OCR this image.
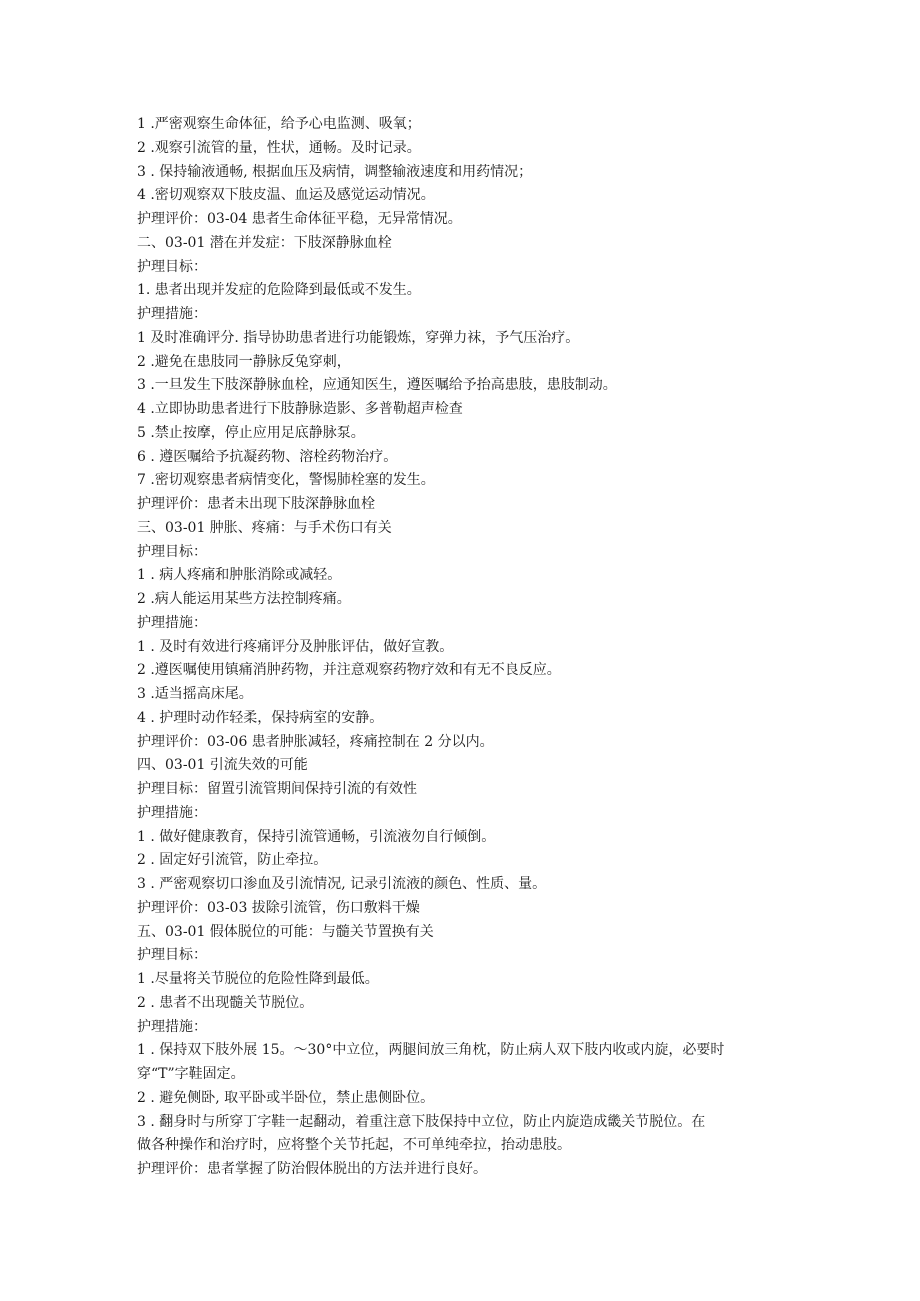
1 .严密观察生命体征，给予心电监测、吸氧；
2 .观察引流管的量，性状，通畅。及时记录。
3 . 保持输液通畅, 根据血压及病情，调整输液速度和用药情况；
4 .密切观察双下肢皮温、血运及感觉运动情况。
护理评价：03-04 患者生命体征平稳，无异常情况。
二、03-01 潜在并发症：下肢深静脉血栓
护理目标：
1. 患者出现并发症的危险降到最低或不发生。
护理措施：
1 及时准确评分. 指导协助患者进行功能锻炼，穿弹力袜，予气压治疗。
2 .避免在患肢同一静脉反兔穿刺，
3 .一旦发生下肢深静脉血栓，应通知医生，遵医嘱给予抬高患肢，患肢制动。
4 .立即协助患者进行下肢静脉造影、多普勒超声检查
5 .禁止按摩，停止应用足底静脉泵。
6 . 遵医嘱给予抗凝药物、溶栓药物治疗。
7 .密切观察患者病情变化，警惕肺栓塞的发生。
护理评价：患者未出现下肢深静脉血栓
三、03-01 肿胀、疼痛：与手术伤口有关
护理目标：
1 . 病人疼痛和肿胀消除或减轻。
2 .病人能运用某些方法控制疼痛。
护理措施：
1 . 及时有效进行疼痛评分及肿胀评估，做好宣教。
2 .遵医嘱使用镇痛消肿药物，并注意观察药物疗效和有无不良反应。
3 .适当摇高床尾。
4 . 护理时动作轻柔，保持病室的安静。
护理评价：03-06 患者肿胀减轻，疼痛控制在 2 分以内。
四、03-01 引流失效的可能
护理目标：留置引流管期间保持引流的有效性
护理措施：
1 . 做好健康教育，保持引流管通畅，引流液勿自行倾倒。
2 . 固定好引流管，防止牵拉。
3 . 严密观察切口渗血及引流情况, 记录引流液的颜色、性质、量。
护理评价：03-03 拔除引流管，伤口敷料干燥
五、03-01 假体脱位的可能：与髓关节置换有关
护理目标：
1 .尽量将关节脱位的危险性降到最低。
2 . 患者不出现髓关节脱位。
护理措施：
1 . 保持双下肢外展 15。～30°中立位，两腿间放三角枕，防止病人双下肢内收或内旋，必要时
穿“T”字鞋固定。
2 . 避免侧卧, 取平卧或半卧位，禁止患侧卧位。
3 . 翻身时与所穿丁字鞋一起翻动，着重注意下肢保持中立位，防止内旋造成畿关节脱位。在
做各种操作和治疗时，应将整个关节托起，不可单纯牵拉，抬动患肢。
护理评价：患者掌握了防治假体脱出的方法并进行良好。
